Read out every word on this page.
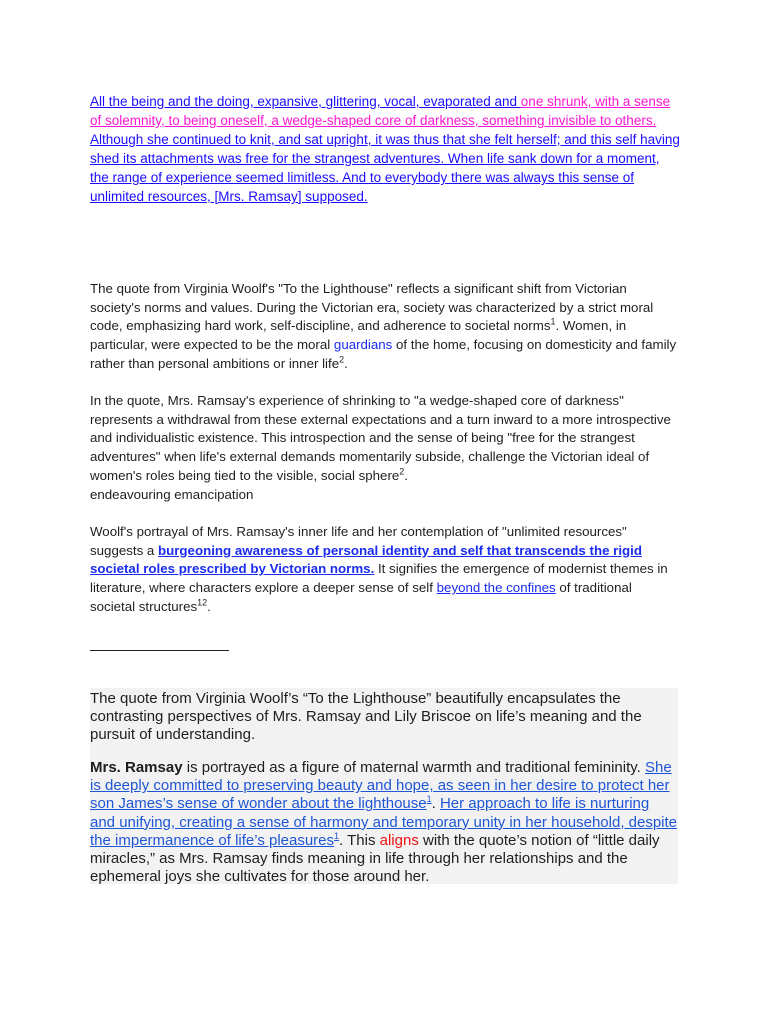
All the being and the doing, expansive, glittering, vocal, evaporated and one shrunk, with a sense of solemnity, to being oneself, a wedge-shaped core of darkness, something invisible to others. Although she continued to knit, and sat upright, it was thus that she felt herself; and this self having shed its attachments was free for the strangest adventures. When life sank down for a moment, the range of experience seemed limitless. And to everybody there was always this sense of unlimited resources, [Mrs. Ramsay] supposed.

The quote from Virginia Woolf's "To the Lighthouse" reflects a significant shift from Victorian society's norms and values. During the Victorian era, society was characterized by a strict moral code, emphasizing hard work, self-discipline, and adherence to societal norms$^1$. Women, in particular, were expected to be the moral guardians of the home, focusing on domesticity and family rather than personal ambitions or inner life$^2$.

In the quote, Mrs. Ramsay's experience of shrinking to "a wedge-shaped core of darkness" represents a withdrawal from these external expectations and a turn inward to a more introspective and individualistic existence. This introspection and the sense of being "free for the strangest adventures" when life's external demands momentarily subside, challenge the Victorian ideal of women's roles being tied to the visible, social sphere$^2$.

endeavouring emancipation

Woolf's portrayal of Mrs. Ramsay's inner life and her contemplation of "unlimited resources" suggests a burgeoning awareness of personal identity and self that transcends the rigid societal roles prescribed by Victorian norms. It signifies the emergence of modernist themes in literature, where characters explore a deeper sense of self beyond the confines of traditional societal structures$^{12}$.

The quote from Virginia Woolf’s “To the Lighthouse” beautifully encapsulates the contrasting perspectives of Mrs. Ramsay and Lily Briscoe on life’s meaning and the pursuit of understanding.

Mrs. Ramsay is portrayed as a figure of maternal warmth and traditional femininity. She is deeply committed to preserving beauty and hope, as seen in her desire to protect her son James’s sense of wonder about the lighthouse$^1$. Her approach to life is nurturing and unifying, creating a sense of harmony and temporary unity in her household, despite the impermanence of life’s pleasures$^1$. This aligns with the quote’s notion of “little daily miracles,” as Mrs. Ramsay finds meaning in life through her relationships and the ephemeral joys she cultivates for those around her.
